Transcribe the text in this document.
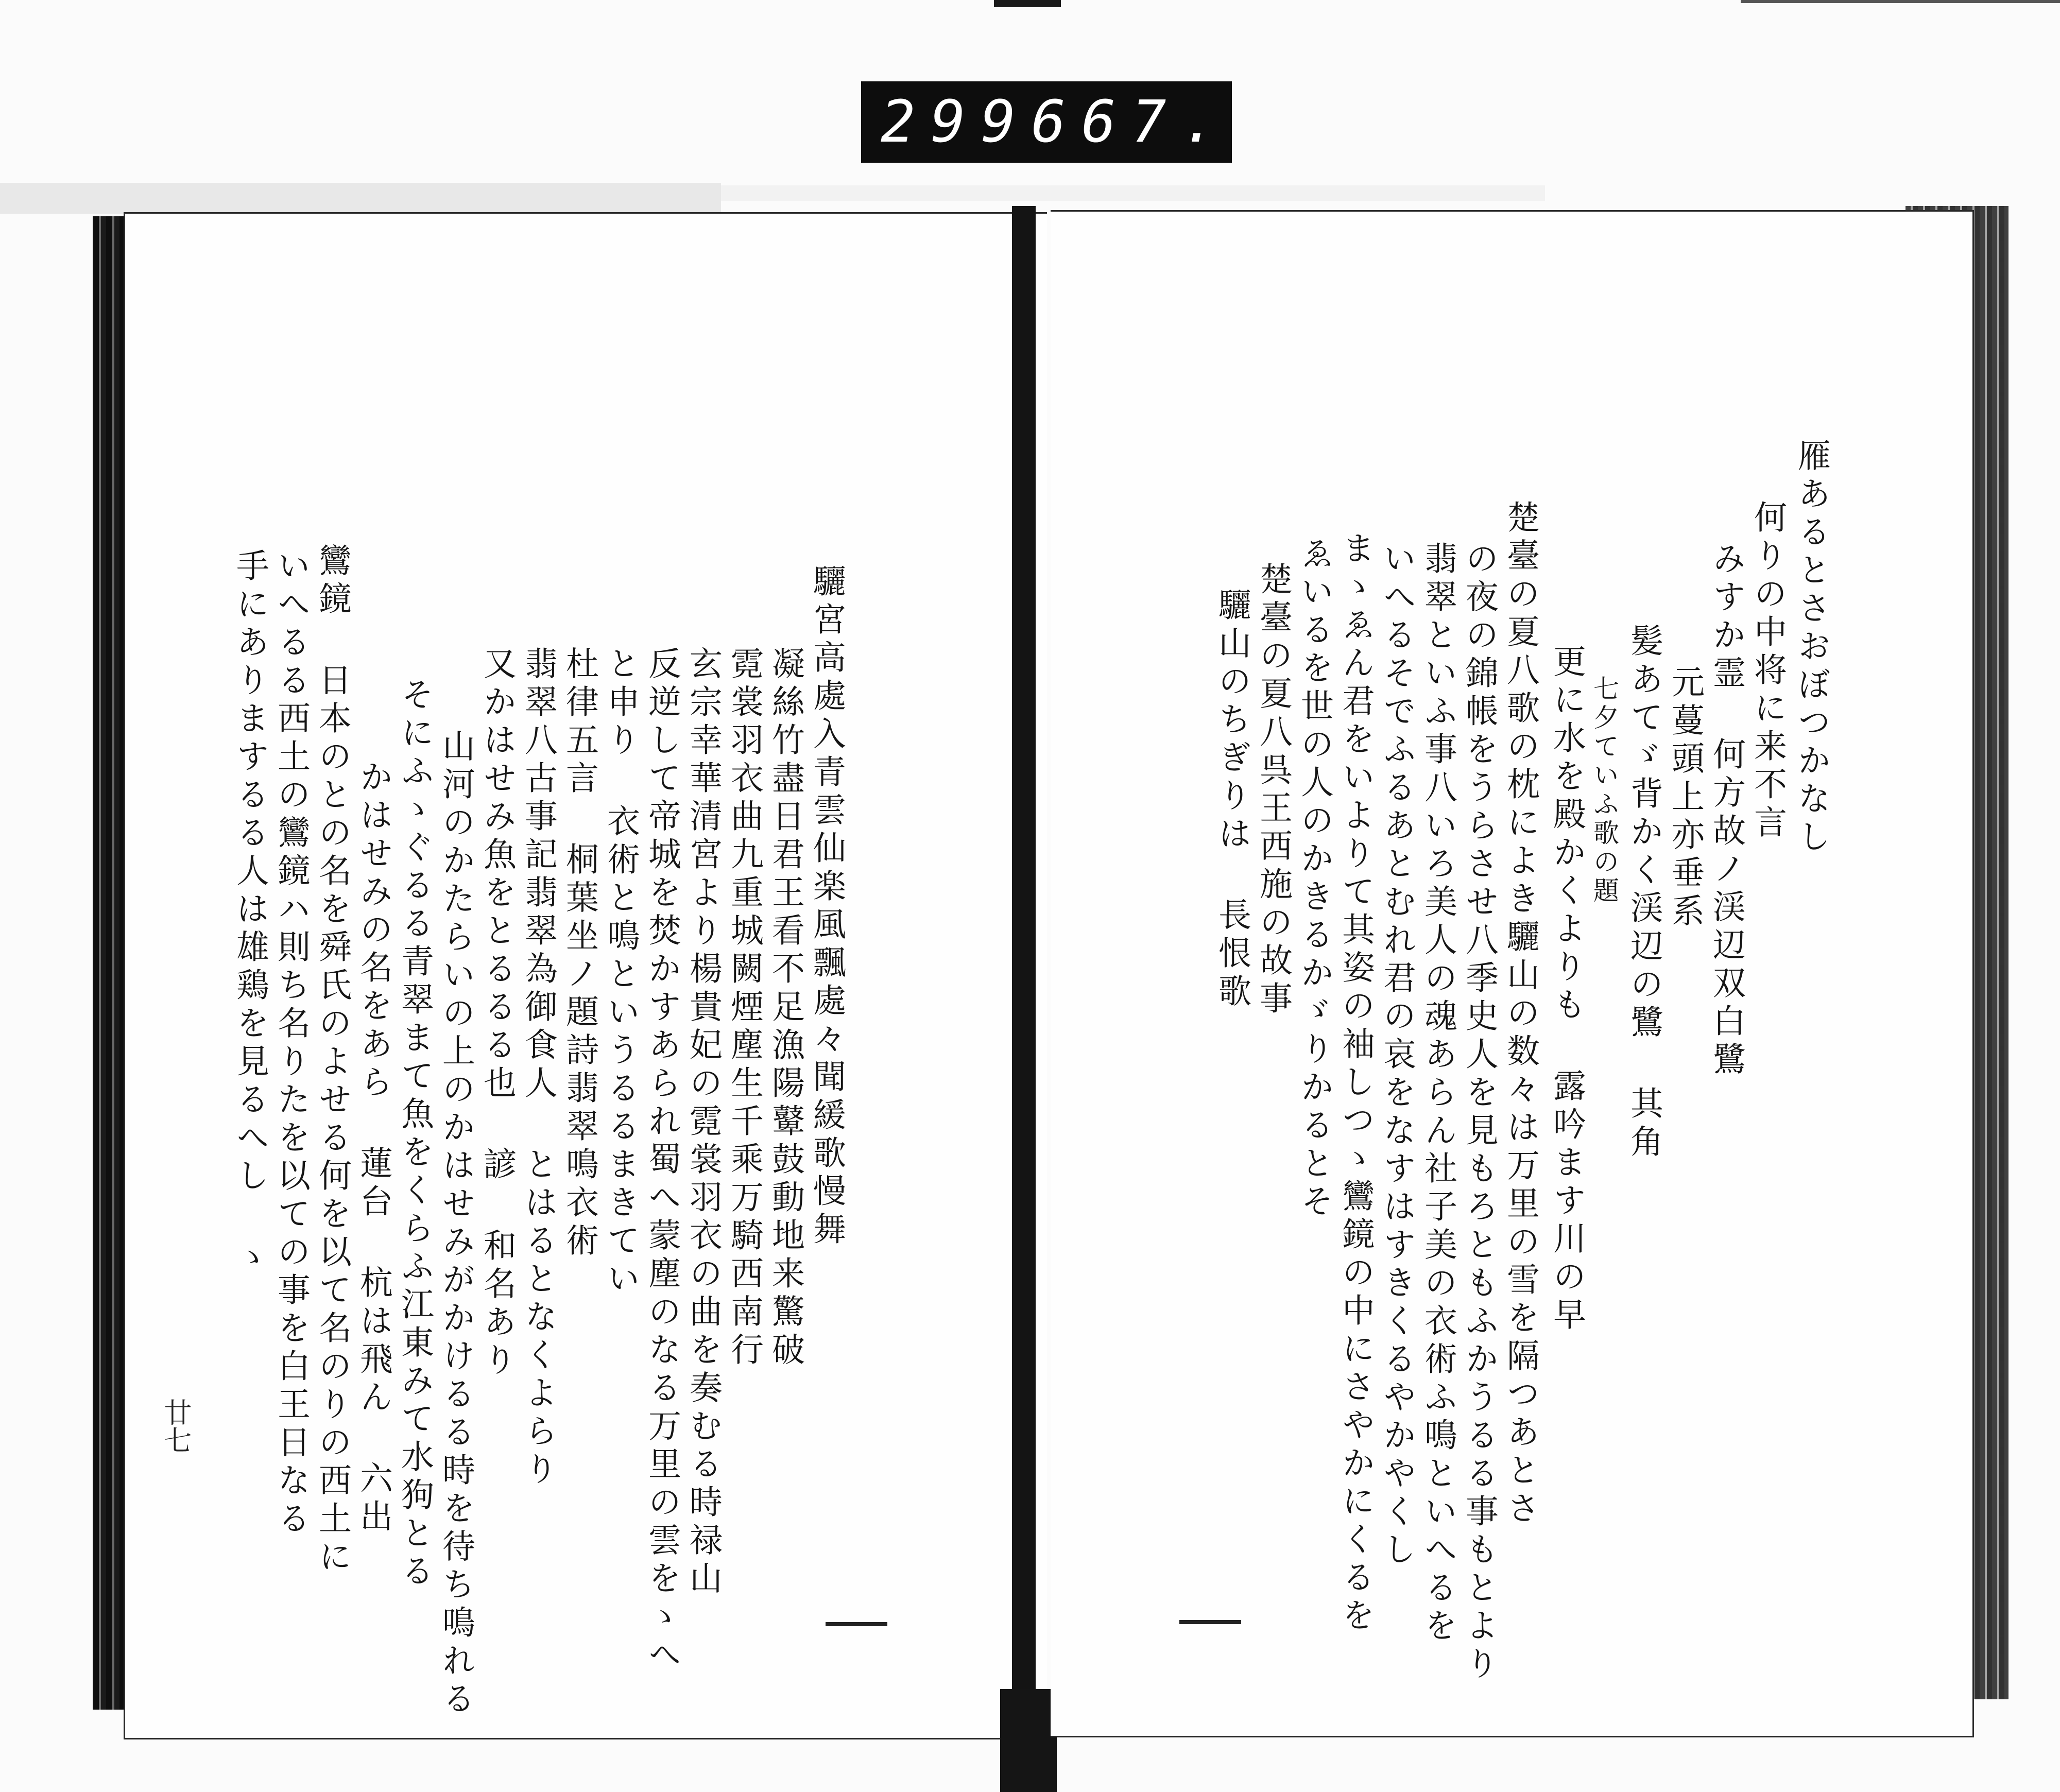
299 667.
驪宮高處入青雲仙楽風飄處々聞緩歌慢舞
凝絲竹盡日君王看不足漁陽鼙鼓動地来驚破
霓裳羽衣曲九重城闕煙塵生千乘万騎西南行
玄宗幸華清宮より楊貴妃の霓裳羽衣の曲を奏むる時禄山
反逆して帝城を焚かすあられ蜀へ蒙塵のなる万里の雲をゝへ
と申り 衣術と鳴というるるまきてい
杜律五言 桐葉坐ノ題詩翡翠鳴衣術
翡翠八古事記翡翠為御食人 とはるとなくよらり
又かはせみ魚をとるるる也 諺 和名あり
山河のかたらいの上のかはせみがかけるる時を待ち鳴れる
そにふゝぐるる青翠まて魚をくらふ江東みて水狗とる
かはせみの名をあら 蓮台 杭は飛ん 六出
鸞鏡 日本のとの名を舜氏のよせる何を以て名のりの西土に
いへるる西土の鸞鏡ハ則ち名りたを以ての事を白王日なる
手にありまするる人は雄鶏を見るへし ゝ
廿七
雁あるとさおぼつかなし
何りの中将に来不言
みすか霊 何方故ノ渓辺双白鷺
元蔓頭上亦垂系
髪あてゞ背かく渓辺の鷺 其角
七夕ていふ歌の題
更に水を殿かくよりも 露吟ます川の早
楚臺の夏八歌の枕によき驪山の数々は万里の雪を隔つあとさ
の夜の錦帳をうらさせ八季史人を見もろともふかうるる事もとより
翡翠といふ事八いろ美人の魂あらん社子美の衣術ふ鳴といへるを
いへるそでふるあとむれ君の哀をなすはすきくるやかやくし
まゝゑん君をいよりて其姿の袖しつゝ鸞鏡の中にさやかにくるを
ゑいるを世の人のかきるかゞりかるとそ
楚臺の夏八呉王西施の故事
驪山のちぎりは 長恨歌
